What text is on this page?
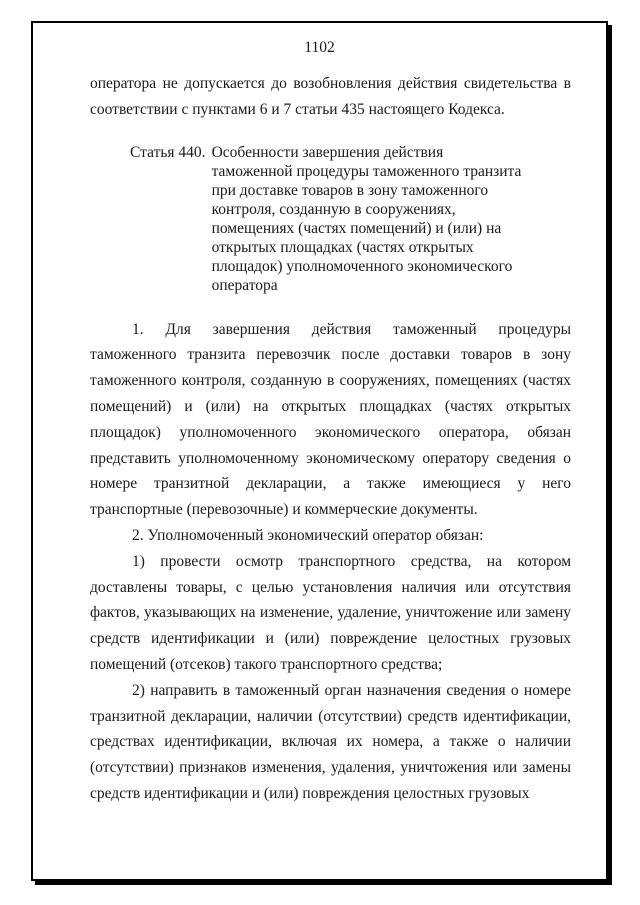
1102

оператора не допускается до возобновления действия свидетельства в соответствии с пунктами 6 и 7 статьи 435 настоящего Кодекса.

Статья 440. Особенности завершения действия таможенной процедуры таможенного транзита при доставке товаров в зону таможенного контроля, созданную в сооружениях, помещениях (частях помещений) и (или) на открытых площадках (частях открытых площадок) уполномоченного экономического оператора

1. Для завершения действия таможенный процедуры таможенного транзита перевозчик после доставки товаров в зону таможенного контроля, созданную в сооружениях, помещениях (частях помещений) и (или) на открытых площадках (частях открытых площадок) уполномоченного экономического оператора, обязан представить уполномоченному экономическому оператору сведения о номере транзитной декларации, а также имеющиеся у него транспортные (перевозочные) и коммерческие документы.

2. Уполномоченный экономический оператор обязан:

1) провести осмотр транспортного средства, на котором доставлены товары, с целью установления наличия или отсутствия фактов, указывающих на изменение, удаление, уничтожение или замену средств идентификации и (или) повреждение целостных грузовых помещений (отсеков) такого транспортного средства;

2) направить в таможенный орган назначения сведения о номере транзитной декларации, наличии (отсутствии) средств идентификации, средствах идентификации, включая их номера, а также о наличии (отсутствии) признаков изменения, удаления, уничтожения или замены средств идентификации и (или) повреждения целостных грузовых
